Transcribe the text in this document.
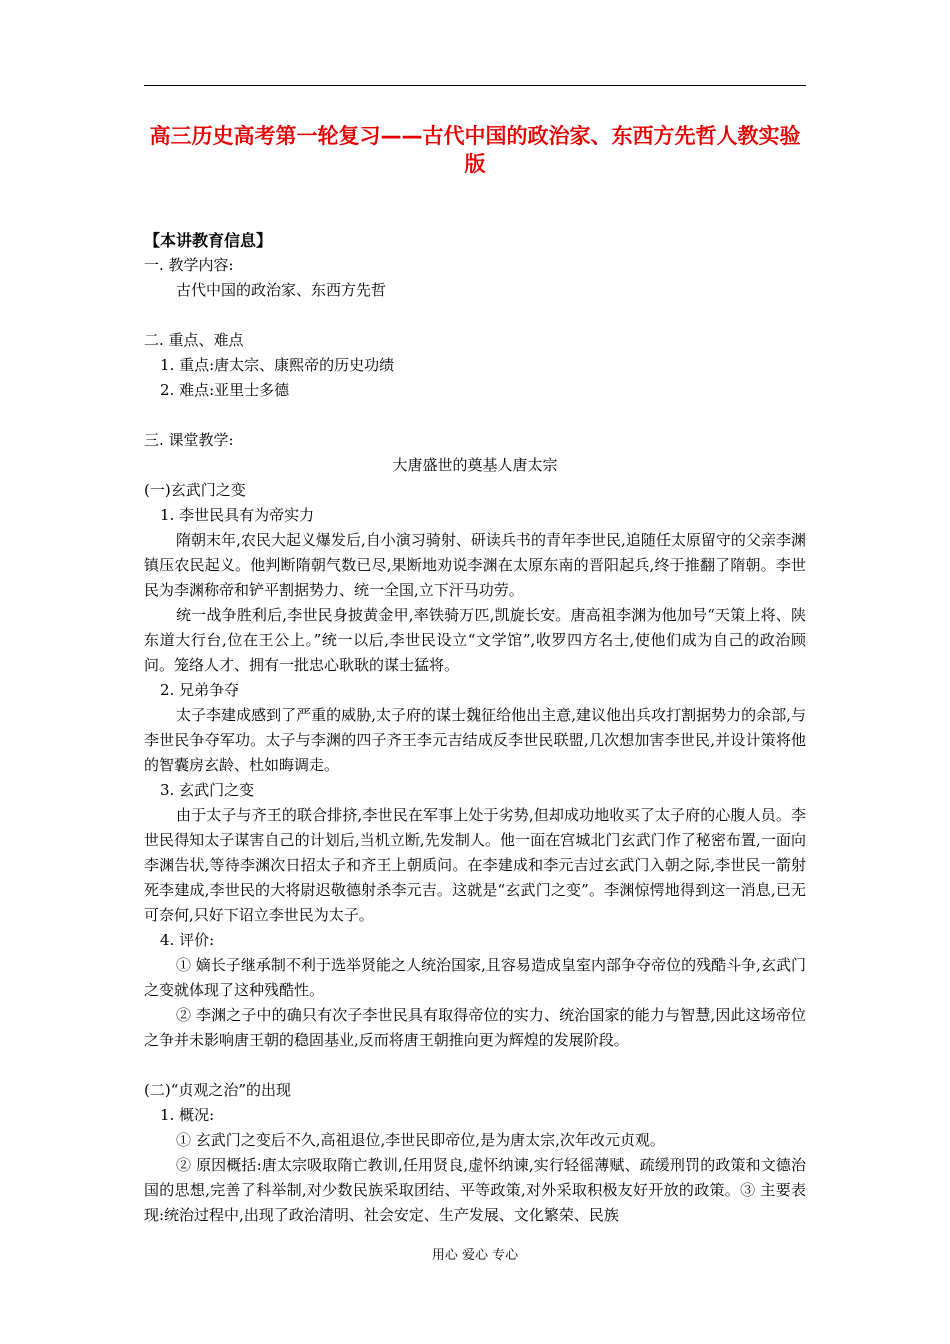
高三历史高考第一轮复习——古代中国的政治家、东西方先哲人教实验版

【本讲教育信息】

一. 教学内容:

古代中国的政治家、东西方先哲

二. 重点、难点

1. 重点:唐太宗、康熙帝的历史功绩

2. 难点:亚里士多德

三. 课堂教学:

大唐盛世的奠基人唐太宗

(一)玄武门之变

1. 李世民具有为帝实力

隋朝末年,农民大起义爆发后,自小演习骑射、研读兵书的青年李世民,追随任太原留守的父亲李渊镇压农民起义。他判断隋朝气数已尽,果断地劝说李渊在太原东南的晋阳起兵,终于推翻了隋朝。李世民为李渊称帝和铲平割据势力、统一全国,立下汗马功劳。

统一战争胜利后,李世民身披黄金甲,率铁骑万匹,凯旋长安。唐高祖李渊为他加号“天策上将、陕东道大行台,位在王公上。”统一以后,李世民设立“文学馆”,收罗四方名士,使他们成为自己的政治顾问。笼络人才、拥有一批忠心耿耿的谋士猛将。

2. 兄弟争夺

太子李建成感到了严重的威胁,太子府的谋士魏征给他出主意,建议他出兵攻打割据势力的余部,与李世民争夺军功。太子与李渊的四子齐王李元吉结成反李世民联盟,几次想加害李世民,并设计策将他的智囊房玄龄、杜如晦调走。

3. 玄武门之变

由于太子与齐王的联合排挤,李世民在军事上处于劣势,但却成功地收买了太子府的心腹人员。李世民得知太子谋害自己的计划后,当机立断,先发制人。他一面在宫城北门玄武门作了秘密布置,一面向李渊告状,等待李渊次日招太子和齐王上朝质问。在李建成和李元吉过玄武门入朝之际,李世民一箭射死李建成,李世民的大将尉迟敬德射杀李元吉。这就是“玄武门之变”。李渊惊愕地得到这一消息,已无可奈何,只好下诏立李世民为太子。

4. 评价:

① 嫡长子继承制不利于选举贤能之人统治国家,且容易造成皇室内部争夺帝位的残酷斗争,玄武门之变就体现了这种残酷性。

② 李渊之子中的确只有次子李世民具有取得帝位的实力、统治国家的能力与智慧,因此这场帝位之争并未影响唐王朝的稳固基业,反而将唐王朝推向更为辉煌的发展阶段。

(二)“贞观之治”的出现

1. 概况:

① 玄武门之变后不久,高祖退位,李世民即帝位,是为唐太宗,次年改元贞观。

② 原因概括:唐太宗吸取隋亡教训,任用贤良,虚怀纳谏,实行轻徭薄赋、疏缓刑罚的政策和文德治国的思想,完善了科举制,对少数民族采取团结、平等政策,对外采取积极友好开放的政策。③ 主要表现:统治过程中,出现了政治清明、社会安定、生产发展、文化繁荣、民族

用心 爱心 专心
